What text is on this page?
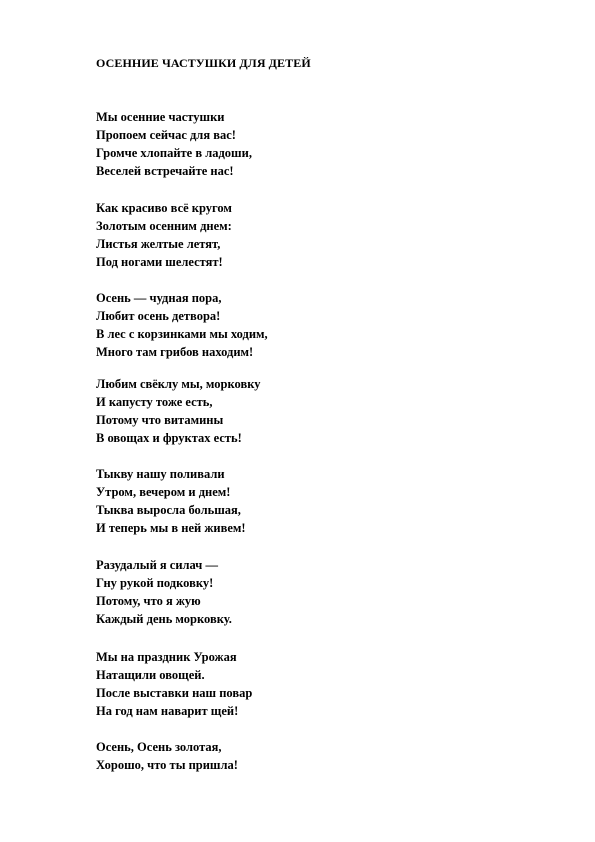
ОСЕННИЕ ЧАСТУШКИ ДЛЯ ДЕТЕЙ
Мы осенние частушки
Пропоем сейчас для вас!
Громче хлопайте в ладоши,
Веселей встречайте нас!
Как красиво всё кругом
Золотым осенним днем:
Листья желтые летят,
Под ногами шелестят!
Осень — чудная пора,
Любит осень детвора!
В лес с корзинками мы ходим,
Много там грибов находим!
Любим свёклу мы, морковку
И капусту тоже есть,
Потому что витамины
В овощах и фруктах есть!
Тыкву нашу поливали
Утром, вечером и днем!
Тыква выросла большая,
И теперь мы в ней живем!
Разудалый я силач —
Гну рукой подковку!
Потому, что я жую
Каждый день морковку.
Мы на праздник Урожая
Натащили овощей.
После выставки наш повар
На год нам наварит щей!
Осень, Осень золотая,
Хорошо, что ты пришла!
